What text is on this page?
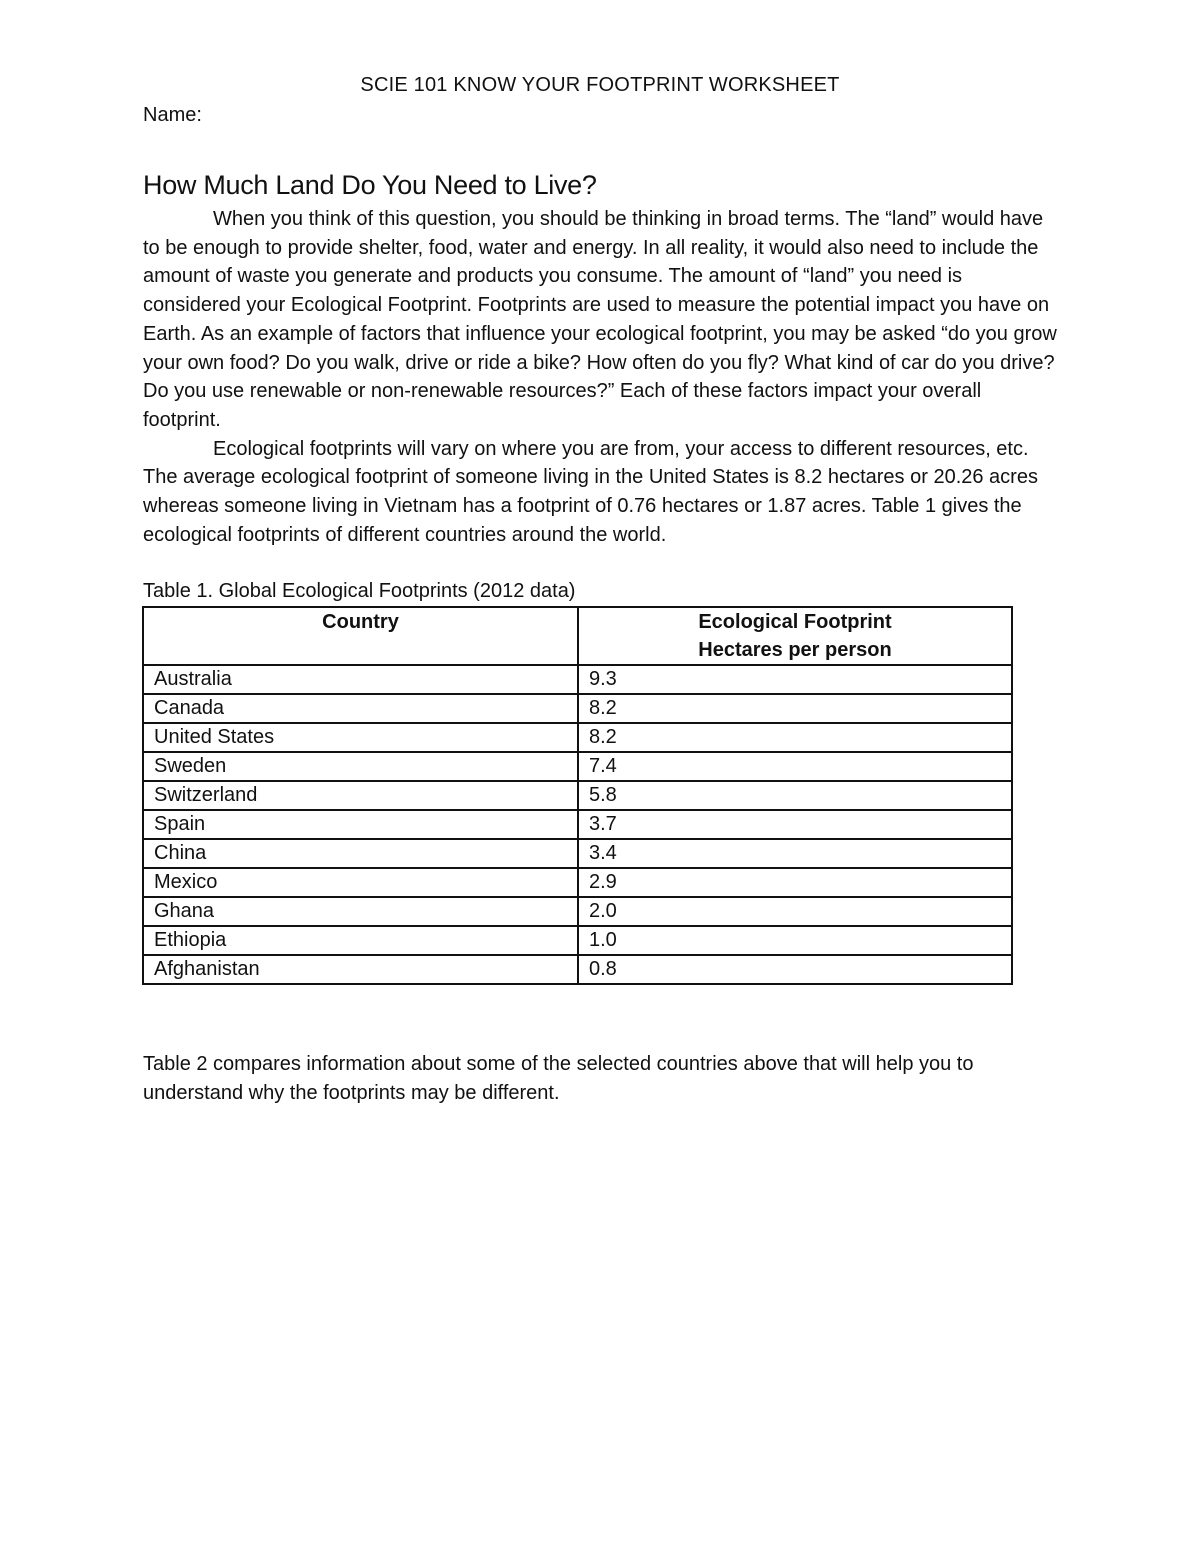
SCIE 101 KNOW YOUR FOOTPRINT WORKSHEET
Name:
How Much Land Do You Need to Live?

When you think of this question, you should be thinking in broad terms. The “land” would have to be enough to provide shelter, food, water and energy. In all reality, it would also need to include the amount of waste you generate and products you consume. The amount of “land” you need is considered your Ecological Footprint. Footprints are used to measure the potential impact you have on Earth. As an example of factors that influence your ecological footprint, you may be asked “do you grow your own food? Do you walk, drive or ride a bike? How often do you fly? What kind of car do you drive? Do you use renewable or non-renewable resources?” Each of these factors impact your overall footprint.

Ecological footprints will vary on where you are from, your access to different resources, etc. The average ecological footprint of someone living in the United States is 8.2 hectares or 20.26 acres whereas someone living in Vietnam has a footprint of 0.76 hectares or 1.87 acres. Table 1 gives the ecological footprints of different countries around the world.

Table 1. Global Ecological Footprints (2012 data)
Country	Ecological Footprint
Hectares per person

Australia	9.3
Canada	8.2
United States	8.2
Sweden	7.4
Switzerland	5.8
Spain	3.7
China	3.4
Mexico	2.9
Ghana	2.0
Ethiopia	1.0
Afghanistan	0.8
Table 2 compares information about some of the selected countries above that will help you to understand why the footprints may be different.
